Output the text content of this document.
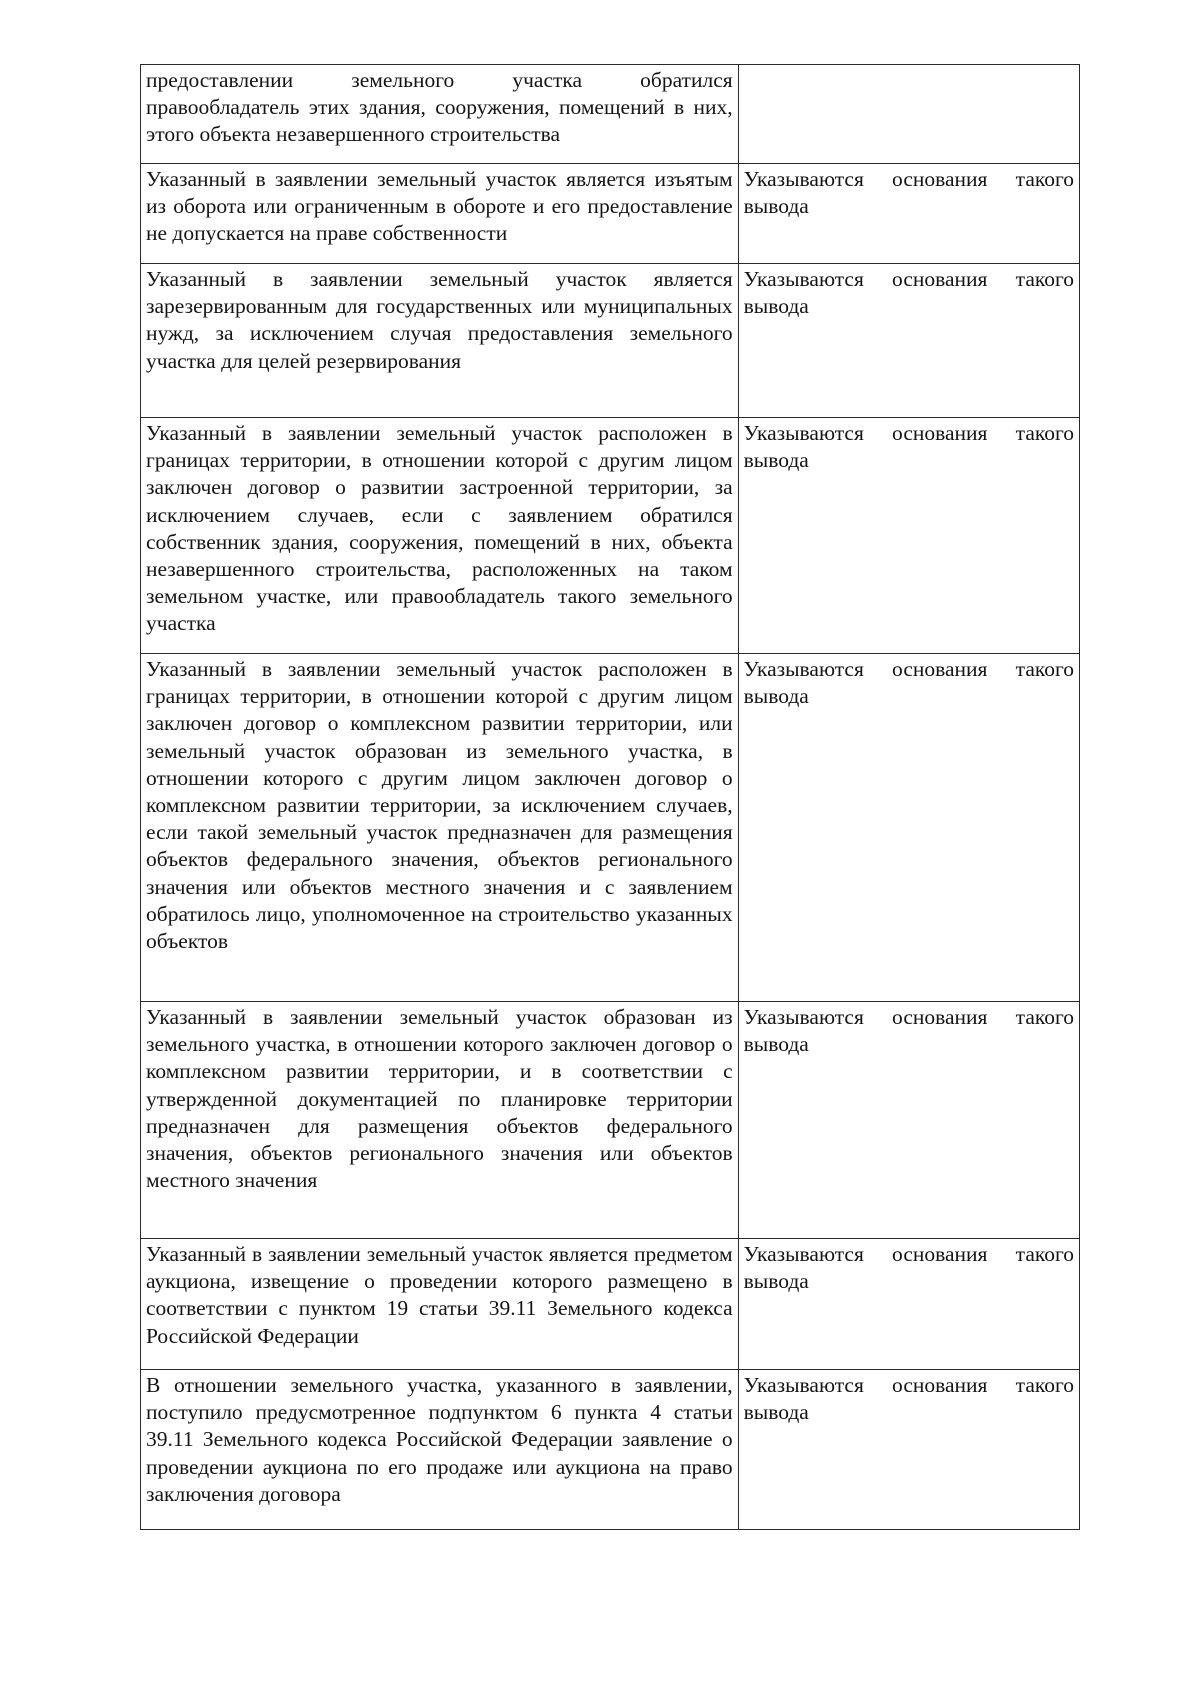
предоставлении земельного участка обратился правообладатель этих здания, сооружения, помещений в них, этого объекта незавершенного строительства	
Указанный в заявлении земельный участок является изъятым из оборота или ограниченным в обороте и его предоставление не допускается на праве собственности	Указываются основания такого вывода
Указанный в заявлении земельный участок является зарезервированным для государственных или муниципальных нужд, за исключением случая предоставления земельного участка для целей резервирования	Указываются основания такого вывода
Указанный в заявлении земельный участок расположен в границах территории, в отношении которой с другим лицом заключен договор о развитии застроенной территории, за исключением случаев, если с заявлением обратился собственник здания, сооружения, помещений в них, объекта незавершенного строительства, расположенных на таком земельном участке, или правообладатель такого земельного участка	Указываются основания такого вывода
Указанный в заявлении земельный участок расположен в границах территории, в отношении которой с другим лицом заключен договор о комплексном развитии территории, или земельный участок образован из земельного участка, в отношении которого с другим лицом заключен договор о комплексном развитии территории, за исключением случаев, если такой земельный участок предназначен для размещения объектов федерального значения, объектов регионального значения или объектов местного значения и с заявлением обратилось лицо, уполномоченное на строительство указанных объектов	Указываются основания такого вывода
Указанный в заявлении земельный участок образован из земельного участка, в отношении которого заключен договор о комплексном развитии территории, и в соответствии с утвержденной документацией по планировке территории предназначен для размещения объектов федерального значения, объектов регионального значения или объектов местного значения	Указываются основания такого вывода
Указанный в заявлении земельный участок является предметом аукциона, извещение о проведении которого размещено в соответствии с пунктом 19 статьи 39.11 Земельного кодекса Российской Федерации	Указываются основания такого вывода
В отношении земельного участка, указанного в заявлении, поступило предусмотренное подпунктом 6 пункта 4 статьи 39.11 Земельного кодекса Российской Федерации заявление о проведении аукциона по его продаже или аукциона на право заключения договора	Указываются основания такого вывода
